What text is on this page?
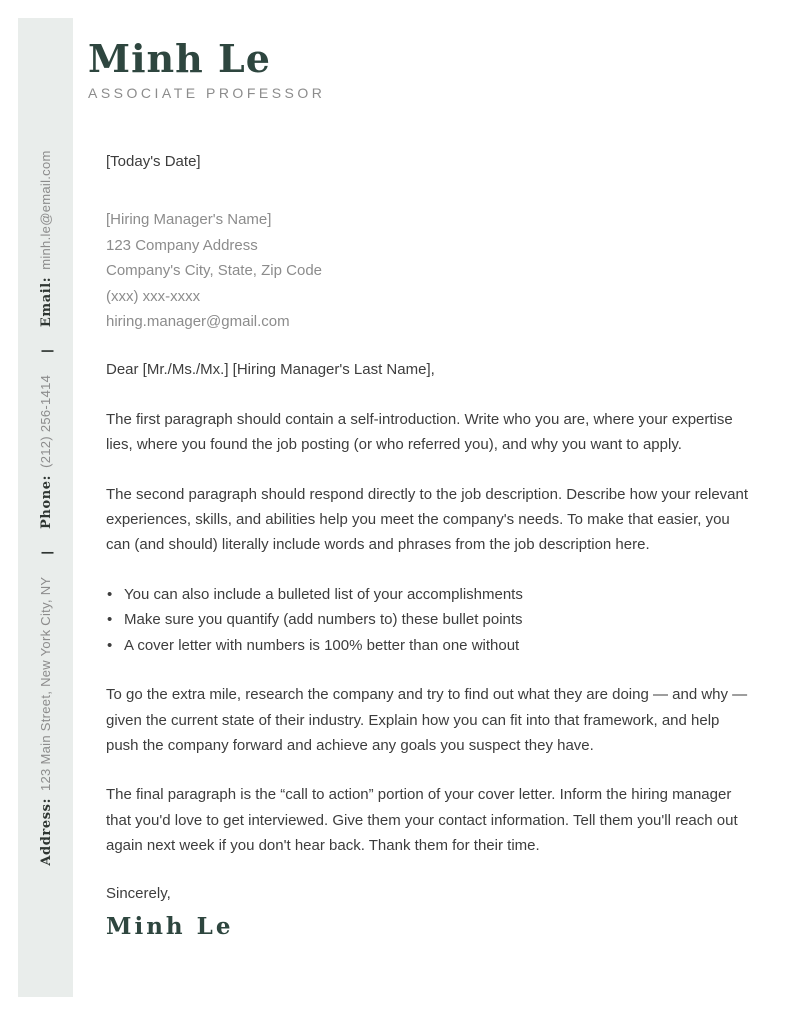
Address:123 Main Street, New York City, NY
|
Phone:(212) 256-1414
|
Email:minh.le@email.com
Minh Le
ASSOCIATE PROFESSOR

[Today's Date]

[Hiring Manager's Name]

123 Company Address

Company's City, State, Zip Code

(xxx) xxx-xxxx

hiring.manager@gmail.com

Dear [Mr./Ms./Mx.] [Hiring Manager's Last Name],

The first paragraph should contain a self-introduction. Write who you are, where your expertise lies, where you found the job posting (or who referred you), and why you want to apply.

The second paragraph should respond directly to the job description. Describe how your relevant experiences, skills, and abilities help you meet the company's needs. To make that easier, you can (and should) literally include words and phrases from the job description here.

• You can also include a bulleted list of your accomplishments
• Make sure you quantify (add numbers to) these bullet points
• A cover letter with numbers is 100% better than one without

To go the extra mile, research the company and try to find out what they are doing — and why — given the current state of their industry. Explain how you can fit into that framework, and help push the company forward and achieve any goals you suspect they have.

The final paragraph is the “call to action” portion of your cover letter. Inform the hiring manager that you'd love to get interviewed. Give them your contact information. Tell them you'll reach out again next week if you don't hear back. Thank them for their time.

Sincerely,

Minh Le
